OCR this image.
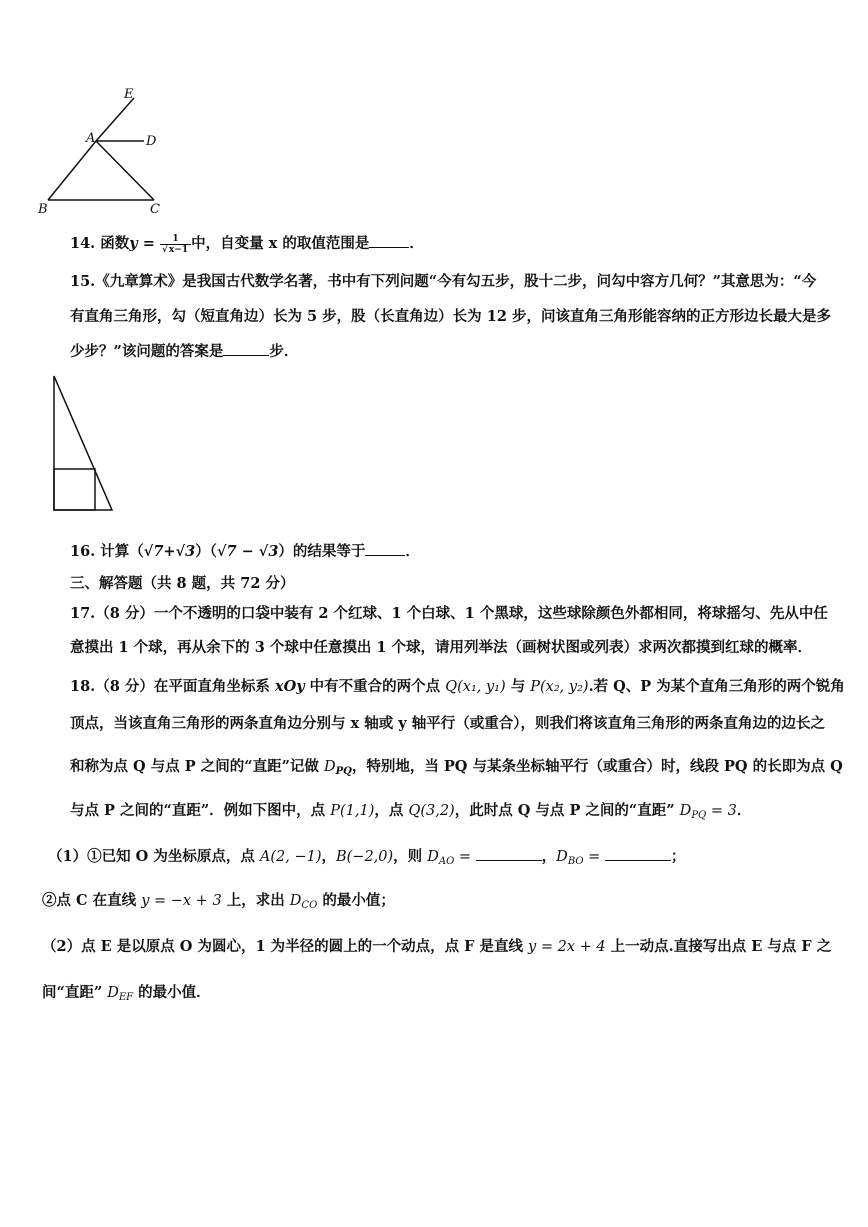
E
A	D
B	C
14. 函数$y = \frac{1}{√x-1}$ 中，自变量 x 的取值范围是	．
15.《九章算术》是我国古代数学名著，书中有下列问题“今有勾五步，股十二步，问勾中容方几何？”其意思为：“今
有直角三角形，勾（短直角边）长为 5 步，股（长直角边）长为 12 步，问该直角三角形能容纳的正方形边长最大是多
少步？”该问题的答案是	步．
16. 计算（√7+√3）（√7 − √3）的结果等于	．
三、解答题（共 8 题，共 72 分）
17.（8 分）一个不透明的口袋中装有 2 个红球、1 个白球、1 个黑球，这些球除颜色外都相同，将球摇匀、先从中任
意摸出 1 个球，再从余下的 3 个球中任意摸出 1 个球，请用列举法（画树状图或列表）求两次都摸到红球的概率．
18.（8 分）在平面直角坐标系 xOy 中有不重合的两个点 Q(x₁, y₁) 与 P(x₂, y₂).若 Q、P 为某个直角三角形的两个锐角
顶点，当该直角三角形的两条直角边分别与 x 轴或 y 轴平行（或重合），则我们将该直角三角形的两条直角边的边长之
和称为点 Q 与点 P 之间的“直距”记做 $D_{PQ}$，特别地，当 PQ 与某条坐标轴平行（或重合）时，线段 PQ 的长即为点 Q
与点 P 之间的“直距”．例如下图中，点 P(1,1)，点 Q(3,2)，此时点 Q 与点 P 之间的“直距” $D_{PQ} = 3$．
（1）①已知 O 为坐标原点，点 A(2, −1)，B(−2,0)，则 $D_{AO}$ =	，$D_{BO}$ =	；
②点 C 在直线 y = −x + 3 上，求出 $D_{CO}$ 的最小值；
（2）点 E 是以原点 O 为圆心，1 为半径的圆上的一个动点，点 F 是直线 y = 2x + 4 上一动点.直接写出点 E 与点 F 之
间“直距” $D_{EF}$ 的最小值．
